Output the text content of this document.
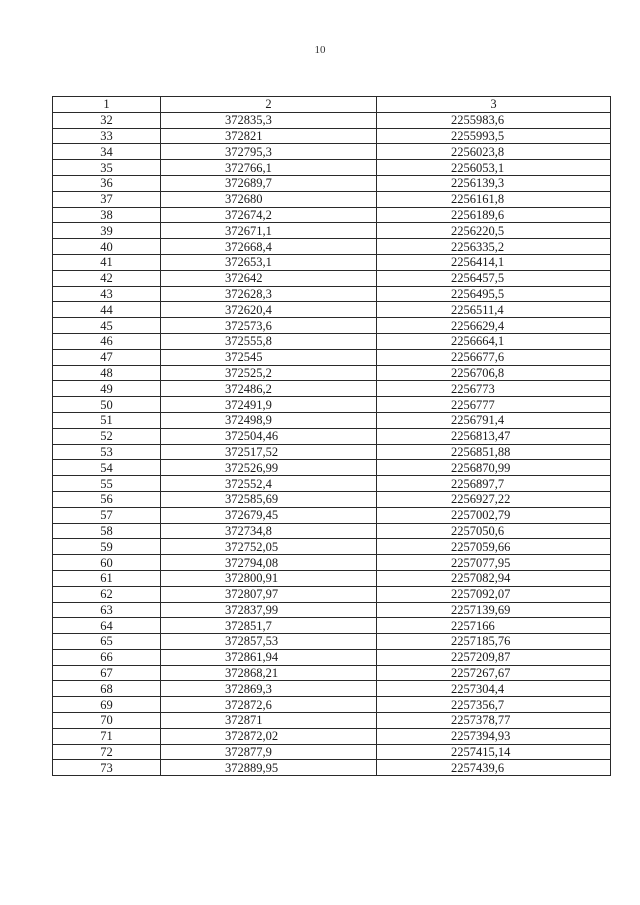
10
1	2	3
32	372835,3	2255983,6
33	372821	2255993,5
34	372795,3	2256023,8
35	372766,1	2256053,1
36	372689,7	2256139,3
37	372680	2256161,8
38	372674,2	2256189,6
39	372671,1	2256220,5
40	372668,4	2256335,2
41	372653,1	2256414,1
42	372642	2256457,5
43	372628,3	2256495,5
44	372620,4	2256511,4
45	372573,6	2256629,4
46	372555,8	2256664,1
47	372545	2256677,6
48	372525,2	2256706,8
49	372486,2	2256773
50	372491,9	2256777
51	372498,9	2256791,4
52	372504,46	2256813,47
53	372517,52	2256851,88
54	372526,99	2256870,99
55	372552,4	2256897,7
56	372585,69	2256927,22
57	372679,45	2257002,79
58	372734,8	2257050,6
59	372752,05	2257059,66
60	372794,08	2257077,95
61	372800,91	2257082,94
62	372807,97	2257092,07
63	372837,99	2257139,69
64	372851,7	2257166
65	372857,53	2257185,76
66	372861,94	2257209,87
67	372868,21	2257267,67
68	372869,3	2257304,4
69	372872,6	2257356,7
70	372871	2257378,77
71	372872,02	2257394,93
72	372877,9	2257415,14
73	372889,95	2257439,6
